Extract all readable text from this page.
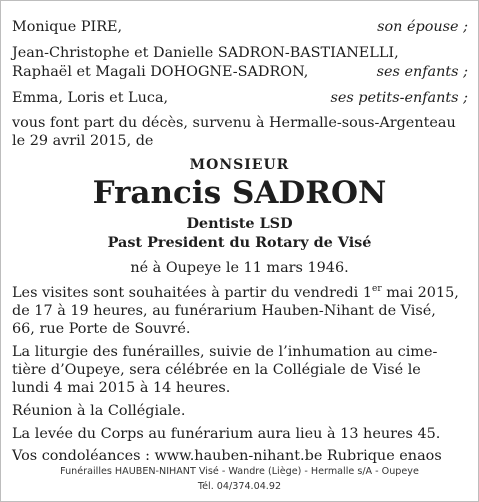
Monique PIRE,	son épouse ;
Jean-Christophe et Danielle SADRON-BASTIANELLI,
Raphaël et Magali DOHOGNE-SADRON,	ses enfants ;
Emma, Loris et Luca,	ses petits-enfants ;
vous font part du décès, survenu à Hermalle-sous-Argenteau
le 29 avril 2015, de
MONSIEUR
Francis SADRON
Dentiste LSD
Past President du Rotary de Visé
né à Oupeye le 11 mars 1946.
Les visites sont souhaitées à partir du vendredi 1er mai 2015,
de 17 à 19 heures, au funérarium Hauben-Nihant de Visé,
66, rue Porte de Souvré.
La liturgie des funérailles, suivie de l’inhumation au cime-
tière d’Oupeye, sera célébrée en la Collégiale de Visé le
lundi 4 mai 2015 à 14 heures.
Réunion à la Collégiale.
La levée du Corps au funérarium aura lieu à 13 heures 45.
Vos condoléances : www.hauben-nihant.be Rubrique enaos
Funérailles HAUBEN-NIHANT Visé - Wandre (Liège) - Hermalle s/A - Oupeye
Tél. 04/374.04.92
